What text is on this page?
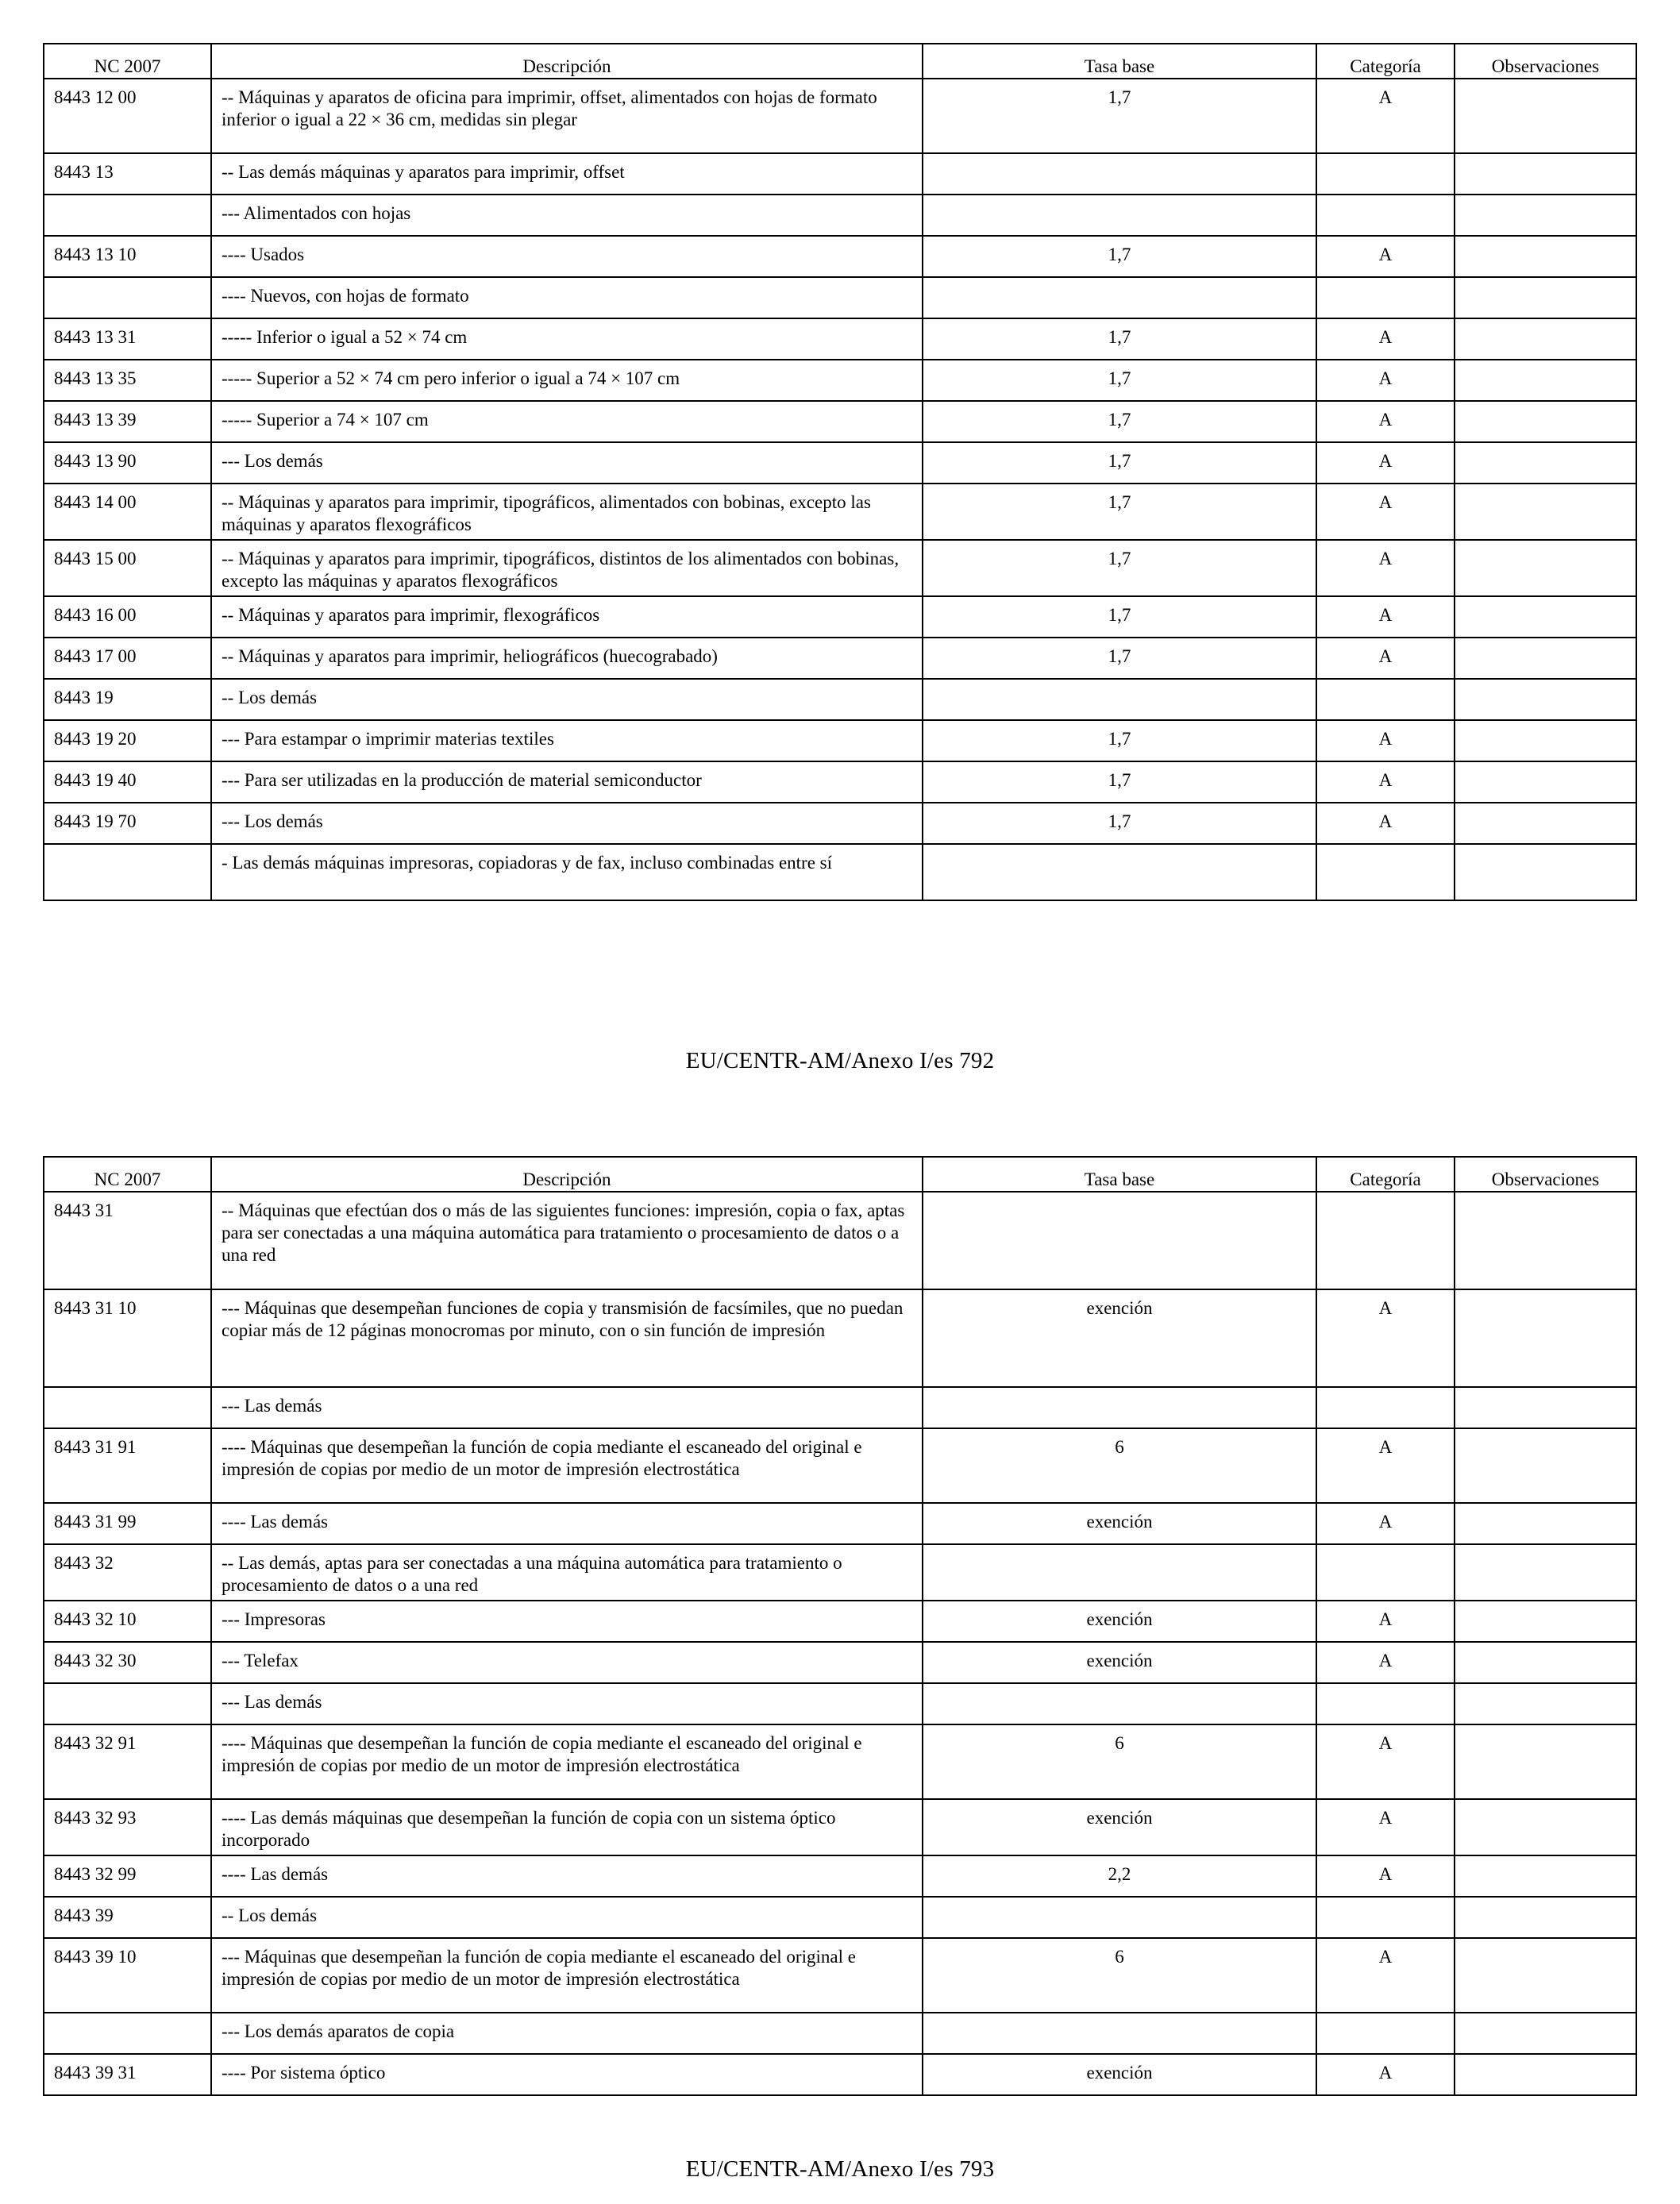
NC 2007	Descripción	Tasa base	Categoría	Observaciones
8443 12 00	-- Máquinas y aparatos de oficina para imprimir, offset, alimentados con hojas de formato inferior o igual a 22 × 36 cm, medidas sin plegar	1,7	A	
8443 13	-- Las demás máquinas y aparatos para imprimir, offset			
	--- Alimentados con hojas			
8443 13 10	---- Usados	1,7	A	
	---- Nuevos, con hojas de formato			
8443 13 31	----- Inferior o igual a 52 × 74 cm	1,7	A	
8443 13 35	----- Superior a 52 × 74 cm pero inferior o igual a 74 × 107 cm	1,7	A	
8443 13 39	----- Superior a 74 × 107 cm	1,7	A	
8443 13 90	--- Los demás	1,7	A	
8443 14 00	-- Máquinas y aparatos para imprimir, tipográficos, alimentados con bobinas, excepto las máquinas y aparatos flexográficos	1,7	A	
8443 15 00	-- Máquinas y aparatos para imprimir, tipográficos, distintos de los alimentados con bobinas, excepto las máquinas y aparatos flexográficos	1,7	A	
8443 16 00	-- Máquinas y aparatos para imprimir, flexográficos	1,7	A	
8443 17 00	-- Máquinas y aparatos para imprimir, heliográficos (huecograbado)	1,7	A	
8443 19	-- Los demás			
8443 19 20	--- Para estampar o imprimir materias textiles	1,7	A	
8443 19 40	--- Para ser utilizadas en la producción de material semiconductor	1,7	A	
8443 19 70	--- Los demás	1,7	A	
	- Las demás máquinas impresoras, copiadoras y de fax, incluso combinadas entre sí			
EU/CENTR-AM/Anexo I/es 792
NC 2007	Descripción	Tasa base	Categoría	Observaciones
8443 31	-- Máquinas que efectúan dos o más de las siguientes funciones: impresión, copia o fax, aptas para ser conectadas a una máquina automática para tratamiento o procesamiento de datos o a una red			
8443 31 10	--- Máquinas que desempeñan funciones de copia y transmisión de facsímiles, que no puedan copiar más de 12 páginas monocromas por minuto, con o sin función de impresión	exención	A	
	--- Las demás			
8443 31 91	---- Máquinas que desempeñan la función de copia mediante el escaneado del original e impresión de copias por medio de un motor de impresión electrostática	6	A	
8443 31 99	---- Las demás	exención	A	
8443 32	-- Las demás, aptas para ser conectadas a una máquina automática para tratamiento o procesamiento de datos o a una red			
8443 32 10	--- Impresoras	exención	A	
8443 32 30	--- Telefax	exención	A	
	--- Las demás			
8443 32 91	---- Máquinas que desempeñan la función de copia mediante el escaneado del original e impresión de copias por medio de un motor de impresión electrostática	6	A	
8443 32 93	---- Las demás máquinas que desempeñan la función de copia con un sistema óptico incorporado	exención	A	
8443 32 99	---- Las demás	2,2	A	
8443 39	-- Los demás			
8443 39 10	--- Máquinas que desempeñan la función de copia mediante el escaneado del original e impresión de copias por medio de un motor de impresión electrostática	6	A	
	--- Los demás aparatos de copia			
8443 39 31	---- Por sistema óptico	exención	A	
EU/CENTR-AM/Anexo I/es 793
